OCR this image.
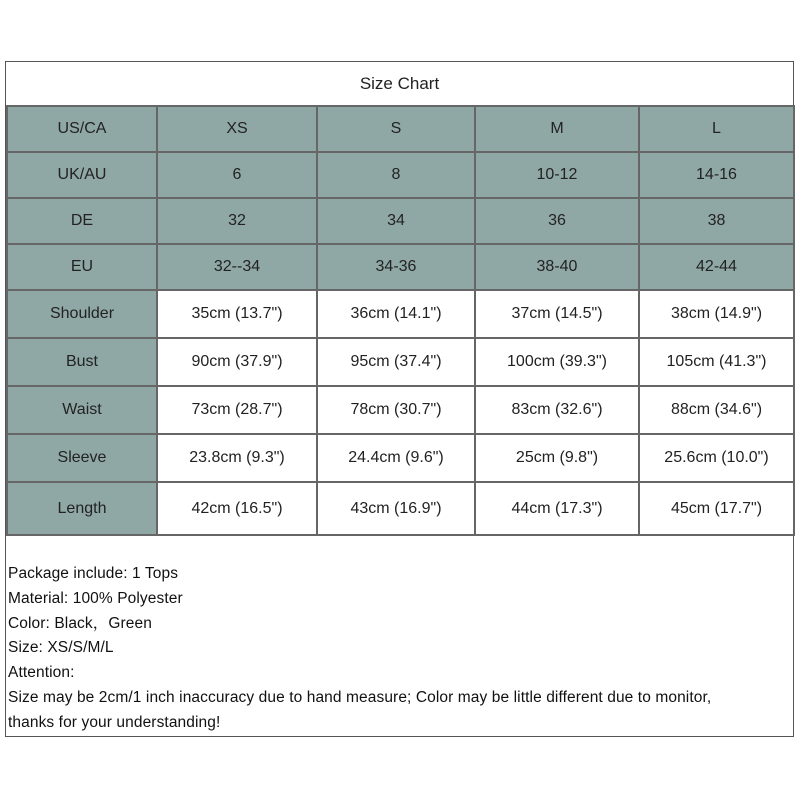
Size Chart
US/CA	XS	S	M	L
UK/AU	6	8	10-12	14-16
DE	32	34	36	38
EU	32--34	34-36	38-40	42-44
Shoulder	35cm (13.7")	36cm (14.1")	37cm (14.5")	38cm (14.9")
Bust	90cm (37.9")	95cm (37.4")	100cm (39.3")	105cm (41.3")
Waist	73cm (28.7")	78cm (30.7")	83cm (32.6")	88cm (34.6")
Sleeve	23.8cm (9.3")	24.4cm (9.6")	25cm (9.8")	25.6cm (10.0")
Length	42cm (16.5")	43cm (16.9")	44cm (17.3")	45cm (17.7")
Package include: 1 Tops
Material: 100% Polyester
Color: Black，Green
Size: XS/S/M/L
Attention:
Size may be 2cm/1 inch inaccuracy due to hand measure; Color may be little different due to monitor,
thanks for your understanding!
